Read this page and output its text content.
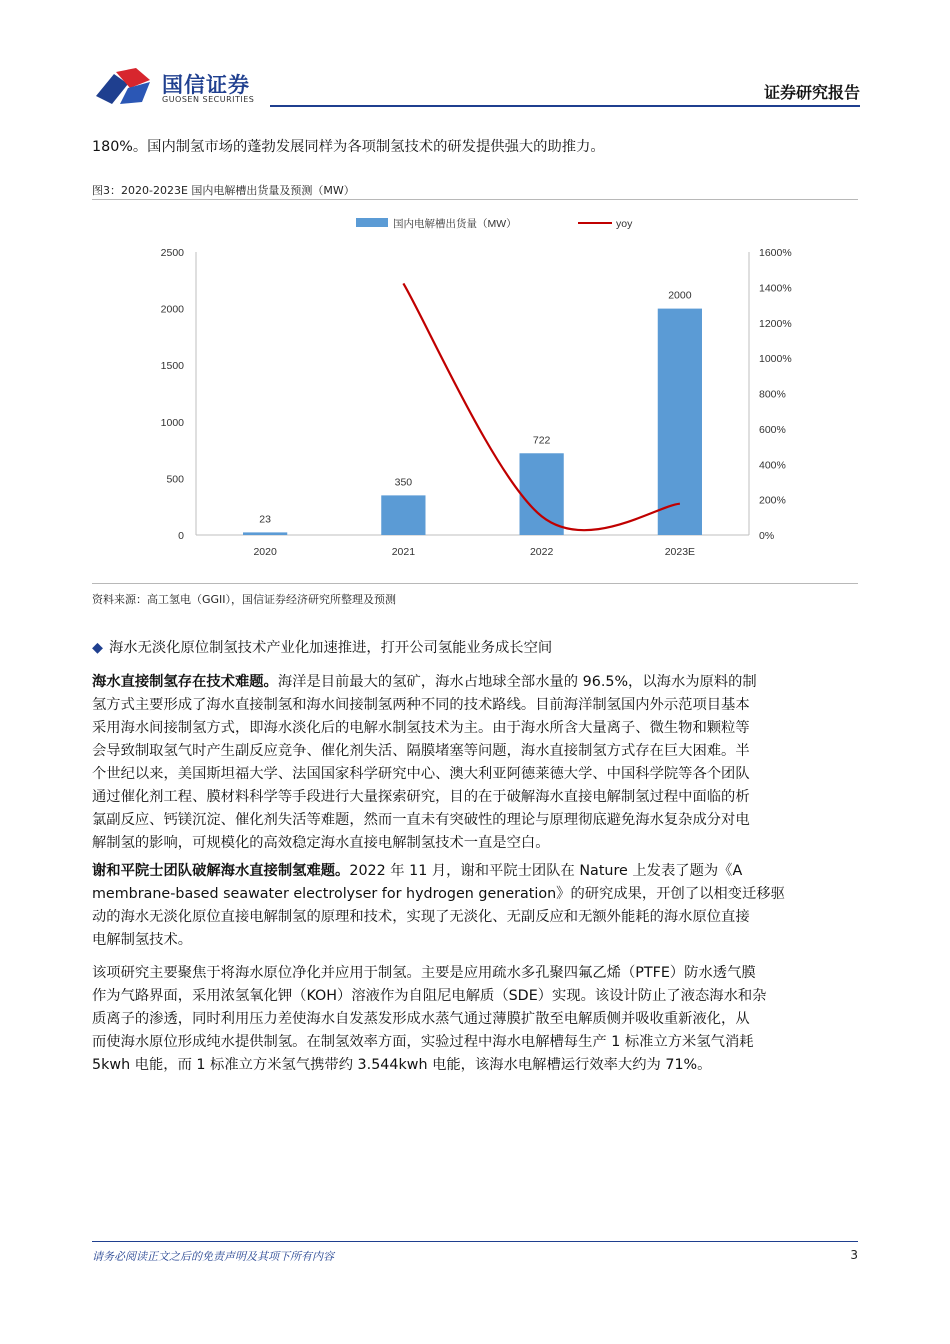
国信证券
GUOSEN SECURITIES	证券研究报告
180%。国内制氢市场的蓬勃发展同样为各项制氢技术的研发提供强大的助推力。
图3：2020-2023E 国内电解槽出货量及预测（MW）
国内电解槽出货量（MW）	yoy
0
500
1000
1500
2000
2500
0%
200%
400%
600%
800%
1000%
1200%
1400%
1600%
23
350
722
2000
2020	2021	2022	2023E
资料来源：高工氢电（GGII），国信证券经济研究所整理及预测
◆ 海水无淡化原位制氢技术产业化加速推进，打开公司氢能业务成长空间
海水直接制氢存在技术难题。海洋是目前最大的氢矿，海水占地球全部水量的 96.5%，以海水为原料的制
氢方式主要形成了海水直接制氢和海水间接制氢两种不同的技术路线。目前海洋制氢国内外示范项目基本
采用海水间接制氢方式，即海水淡化后的电解水制氢技术为主。由于海水所含大量离子、微生物和颗粒等
会导致制取氢气时产生副反应竞争、催化剂失活、隔膜堵塞等问题，海水直接制氢方式存在巨大困难。半
个世纪以来，美国斯坦福大学、法国国家科学研究中心、澳大利亚阿德莱德大学、中国科学院等各个团队
通过催化剂工程、膜材料科学等手段进行大量探索研究，目的在于破解海水直接电解制氢过程中面临的析
氯副反应、钙镁沉淀、催化剂失活等难题，然而一直未有突破性的理论与原理彻底避免海水复杂成分对电
解制氢的影响，可规模化的高效稳定海水直接电解制氢技术一直是空白。
谢和平院士团队破解海水直接制氢难题。2022 年 11 月，谢和平院士团队在 Nature 上发表了题为《A
membrane-based seawater electrolyser for hydrogen generation》的研究成果，开创了以相变迁移驱
动的海水无淡化原位直接电解制氢的原理和技术，实现了无淡化、无副反应和无额外能耗的海水原位直接
电解制氢技术。
该项研究主要聚焦于将海水原位净化并应用于制氢。主要是应用疏水多孔聚四氟乙烯（PTFE）防水透气膜
作为气路界面，采用浓氢氧化钾（KOH）溶液作为自阻尼电解质（SDE）实现。该设计防止了液态海水和杂
质离子的渗透，同时利用压力差使海水自发蒸发形成水蒸气通过薄膜扩散至电解质侧并吸收重新液化，从
而使海水原位形成纯水提供制氢。在制氢效率方面，实验过程中海水电解槽每生产 1 标准立方米氢气消耗
5kwh 电能，而 1 标准立方米氢气携带约 3.544kwh 电能，该海水电解槽运行效率大约为 71%。
请务必阅读正文之后的免责声明及其项下所有内容	3
